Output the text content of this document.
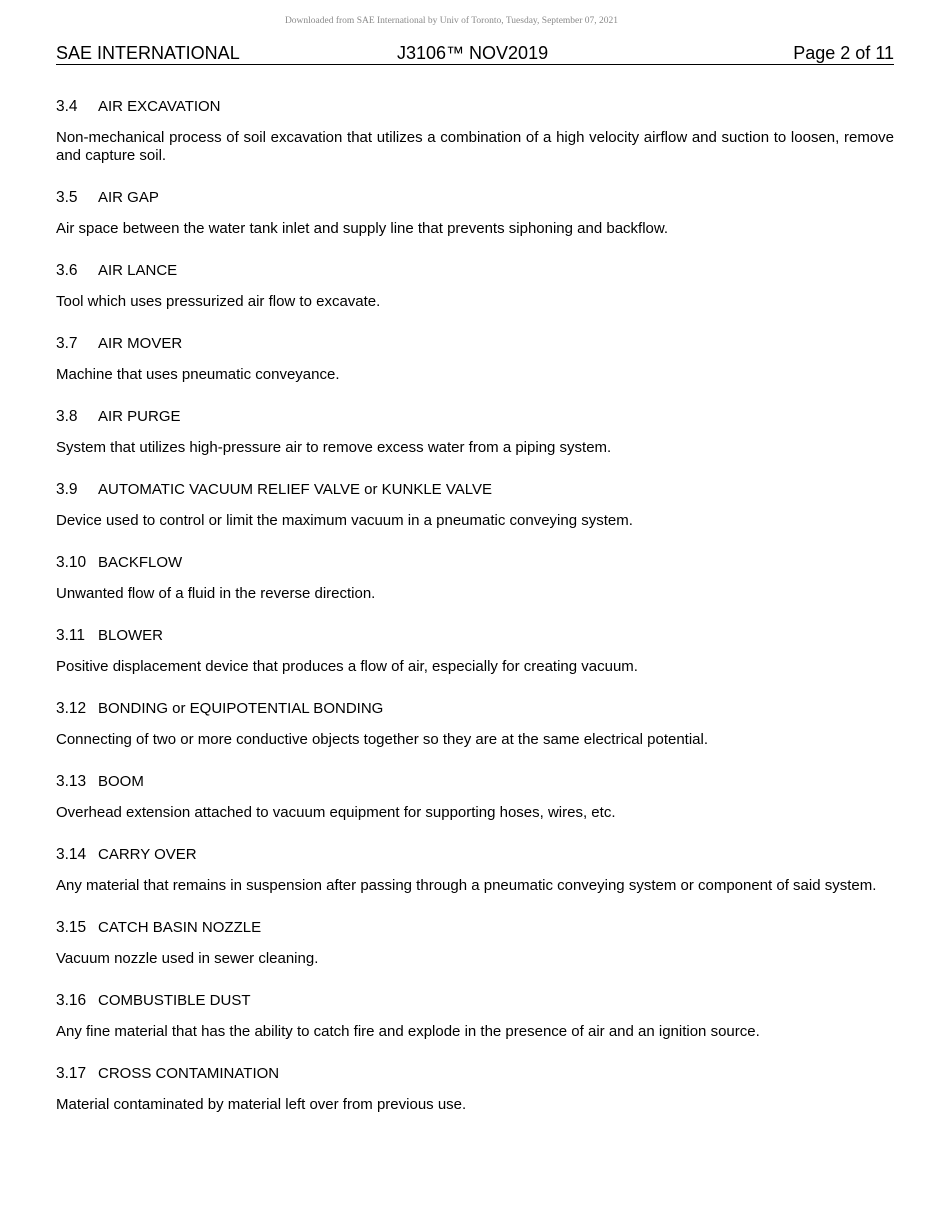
Downloaded from SAE International by Univ of Toronto, Tuesday, September 07, 2021
SAE INTERNATIONAL	J3106™ NOV2019	Page 2 of 11
3.4 AIR EXCAVATION
Non-mechanical process of soil excavation that utilizes a combination of a high velocity airflow and suction to loosen, remove and capture soil.
3.5 AIR GAP
Air space between the water tank inlet and supply line that prevents siphoning and backflow.
3.6 AIR LANCE
Tool which uses pressurized air flow to excavate.
3.7 AIR MOVER
Machine that uses pneumatic conveyance.
3.8 AIR PURGE
System that utilizes high-pressure air to remove excess water from a piping system.
3.9 AUTOMATIC VACUUM RELIEF VALVE or KUNKLE VALVE
Device used to control or limit the maximum vacuum in a pneumatic conveying system.
3.10 BACKFLOW
Unwanted flow of a fluid in the reverse direction.
3.11 BLOWER
Positive displacement device that produces a flow of air, especially for creating vacuum.
3.12 BONDING or EQUIPOTENTIAL BONDING
Connecting of two or more conductive objects together so they are at the same electrical potential.
3.13 BOOM
Overhead extension attached to vacuum equipment for supporting hoses, wires, etc.
3.14 CARRY OVER
Any material that remains in suspension after passing through a pneumatic conveying system or component of said system.
3.15 CATCH BASIN NOZZLE
Vacuum nozzle used in sewer cleaning.
3.16 COMBUSTIBLE DUST
Any fine material that has the ability to catch fire and explode in the presence of air and an ignition source.
3.17 CROSS CONTAMINATION
Material contaminated by material left over from previous use.
